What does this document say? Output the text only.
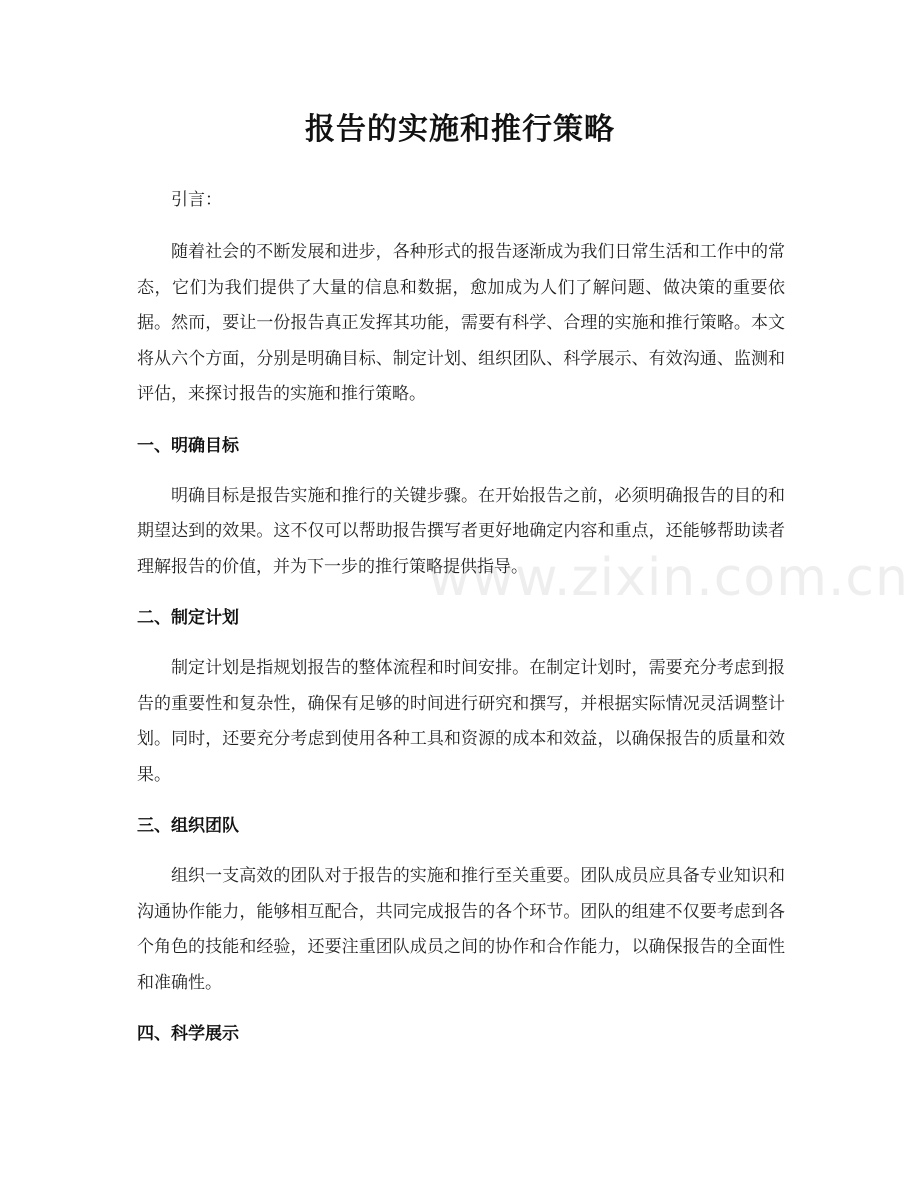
报告的实施和推行策略

引言：

随着社会的不断发展和进步，各种形式的报告逐渐成为我们日常生活和工作中的常态，它们为我们提供了大量的信息和数据，愈加成为人们了解问题、做决策的重要依据。然而，要让一份报告真正发挥其功能，需要有科学、合理的实施和推行策略。本文将从六个方面，分别是明确目标、制定计划、组织团队、科学展示、有效沟通、监测和评估，来探讨报告的实施和推行策略。

一、明确目标

明确目标是报告实施和推行的关键步骤。在开始报告之前，必须明确报告的目的和期望达到的效果。这不仅可以帮助报告撰写者更好地确定内容和重点，还能够帮助读者理解报告的价值，并为下一步的推行策略提供指导。

二、制定计划

制定计划是指规划报告的整体流程和时间安排。在制定计划时，需要充分考虑到报告的重要性和复杂性，确保有足够的时间进行研究和撰写，并根据实际情况灵活调整计划。同时，还要充分考虑到使用各种工具和资源的成本和效益，以确保报告的质量和效果。

三、组织团队

组织一支高效的团队对于报告的实施和推行至关重要。团队成员应具备专业知识和沟通协作能力，能够相互配合，共同完成报告的各个环节。团队的组建不仅要考虑到各个角色的技能和经验，还要注重团队成员之间的协作和合作能力，以确保报告的全面性和准确性。

四、科学展示
www.zixin.com.cn
